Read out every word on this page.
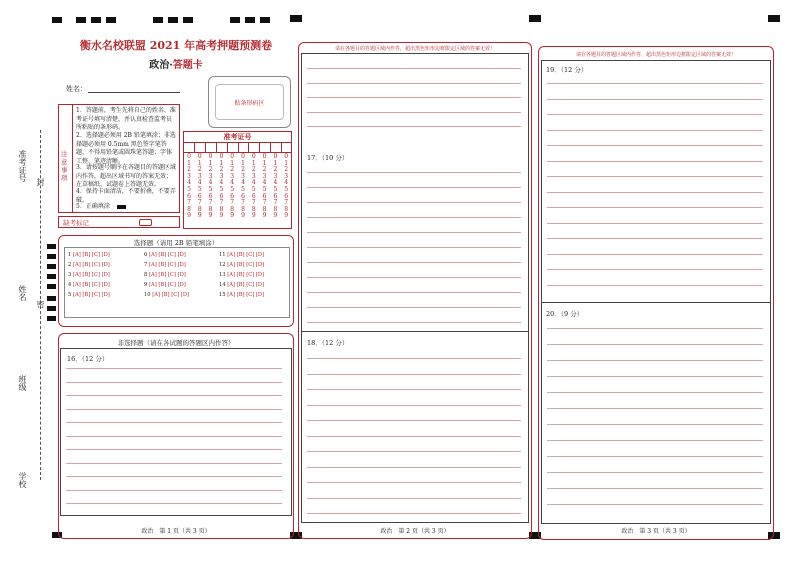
准考证号 封
姓名
密
班级
学校
衡水名校联盟 2021 年高考押题预测卷
政治·答题卡
姓名：
贴条形码区
注意事项
1．答题前，考生先将自己的姓名、准考证号填写清楚，并认真检查监考员所粘贴的条形码。
2．选择题必须用 2B 铅笔填涂；非选择题必须用 0.5mm 黑色签字笔答题，不得用铅笔或圆珠笔答题；字体工整、笔迹清晰。
3．请按题号顺序在各题目的答题区域内作答，超出区域书写的答案无效；在草稿纸、试题卷上答题无效。
4．保持卡面清洁，不要折叠，不要弄破。
5．正确填涂
缺考标记
准考证号
0
1
2
3
4
5
6
7
8
9
0
1
2
3
4
5
6
7
8
9
0
1
2
3
4
5
6
7
8
9
0
1
2
3
4
5
6
7
8
9
0
1
2
3
4
5
6
7
8
9
0
1
2
3
4
5
6
7
8
9
0
1
2
3
4
5
6
7
8
9
0
1
2
3
4
5
6
7
8
9
0
1
2
3
4
5
6
7
8
9
0
1
2
3
4
5
6
7
8
9
选择题（请用 2B 铅笔填涂）
1 [A] [B] [C] [D]
2 [A] [B] [C] [D]
3 [A] [B] [C] [D]
4 [A] [B] [C] [D]
5 [A] [B] [C] [D]
6 [A] [B] [C] [D]
7 [A] [B] [C] [D]
8 [A] [B] [C] [D]
9 [A] [B] [C] [D]
10 [A] [B] [C] [D]
11 [A] [B] [C] [D]
12 [A] [B] [C] [D]
13 [A] [B] [C] [D]
14 [A] [B] [C] [D]
15 [A] [B] [C] [D]
非选择题（请在各试题的答题区内作答）
16．（12 分）
政治　第 1 页（共 3 页）
请在各题目的答题区域内作答，超出黑色矩形边框限定区域的答案无效！
17．（10 分）
18．（12 分）
政治　第 2 页（共 3 页）
请在各题目的答题区域内作答，超出黑色矩形边框限定区域的答案无效！
19．（12 分）
20．（9 分）
政治　第 3 页（共 3 页）
